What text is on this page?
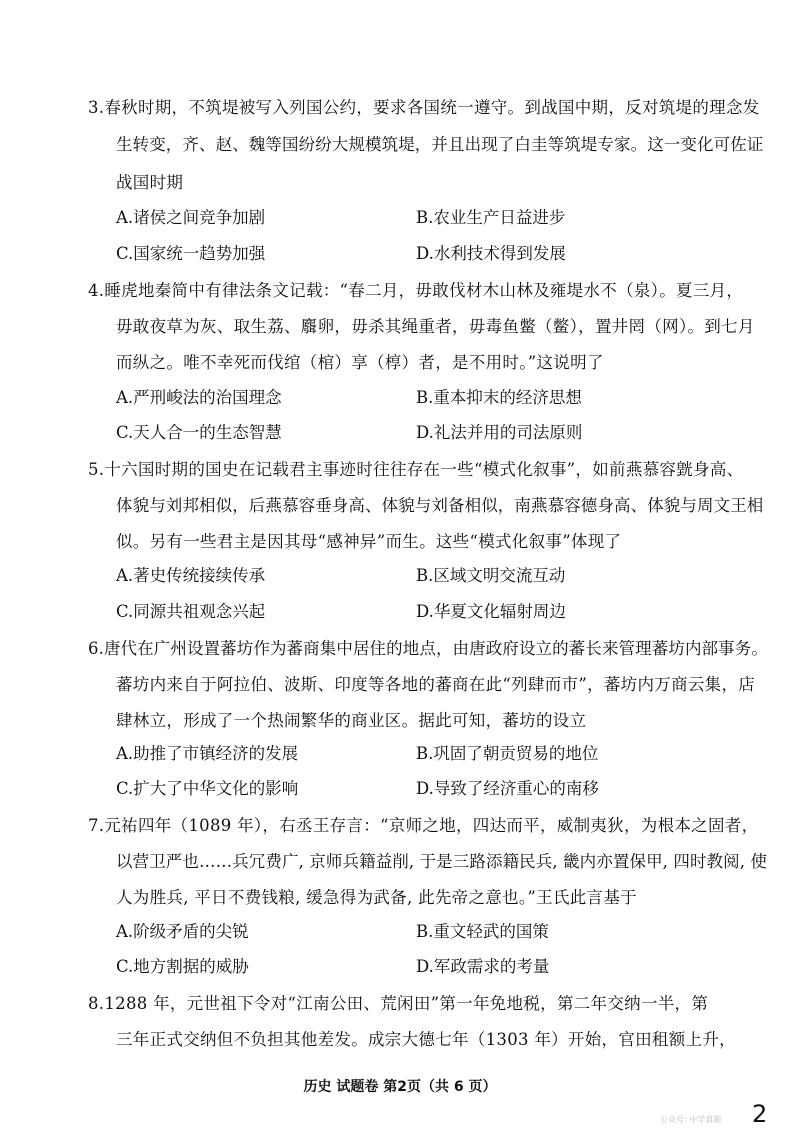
3.春秋时期，不筑堤被写入列国公约，要求各国统一遵守。到战国中期，反对筑堤的理念发
生转变，齐、赵、魏等国纷纷大规模筑堤，并且出现了白圭等筑堤专家。这一变化可佐证
战国时期
A.诸侯之间竞争加剧	B.农业生产日益进步
C.国家统一趋势加强	D.水利技术得到发展
4.睡虎地秦简中有律法条文记载：“春二月，毋敢伐材木山林及雍堤水不（泉）。夏三月，
毋敢夜草为灰、取生荔、麛卵，毋杀其绳重者，毋毒鱼鳖（鳖），置井罔（网）。到七月
而纵之。唯不幸死而伐绾（棺）享（椁）者，是不用时。”这说明了
A.严刑峻法的治国理念	B.重本抑末的经济思想
C.天人合一的生态智慧	D.礼法并用的司法原则
5.十六国时期的国史在记载君主事迹时往往存在一些“模式化叙事”，如前燕慕容皝身高、
体貌与刘邦相似，后燕慕容垂身高、体貌与刘备相似，南燕慕容德身高、体貌与周文王相
似。另有一些君主是因其母“感神异”而生。这些“模式化叙事”体现了
A.著史传统接续传承	B.区域文明交流互动
C.同源共祖观念兴起	D.华夏文化辐射周边
6.唐代在广州设置蕃坊作为蕃商集中居住的地点，由唐政府设立的蕃长来管理蕃坊内部事务。
蕃坊内来自于阿拉伯、波斯、印度等各地的蕃商在此“列肆而市”，蕃坊内万商云集，店
肆林立，形成了一个热闹繁华的商业区。据此可知，蕃坊的设立
A.助推了市镇经济的发展	B.巩固了朝贡贸易的地位
C.扩大了中华文化的影响	D.导致了经济重心的南移
7.元祐四年（1089 年），右丞王存言：“京师之地，四达而平，威制夷狄，为根本之固者，
以营卫严也……兵冗费广, 京师兵籍益削, 于是三路添籍民兵, 畿内亦置保甲, 四时教阅, 使
人为胜兵, 平日不费钱粮, 缓急得为武备, 此先帝之意也。”王氏此言基于
A.阶级矛盾的尖锐	B.重文轻武的国策
C.地方割据的威胁	D.军政需求的考量
8.1288 年，元世祖下令对“江南公田、荒闲田”第一年免地税，第二年交纳一半，第
三年正式交纳但不负担其他差发。成宗大德七年（1303 年）开始，官田租额上升，
历史 试题卷 第2页（共 6 页）
2
公众号: 中学真题
